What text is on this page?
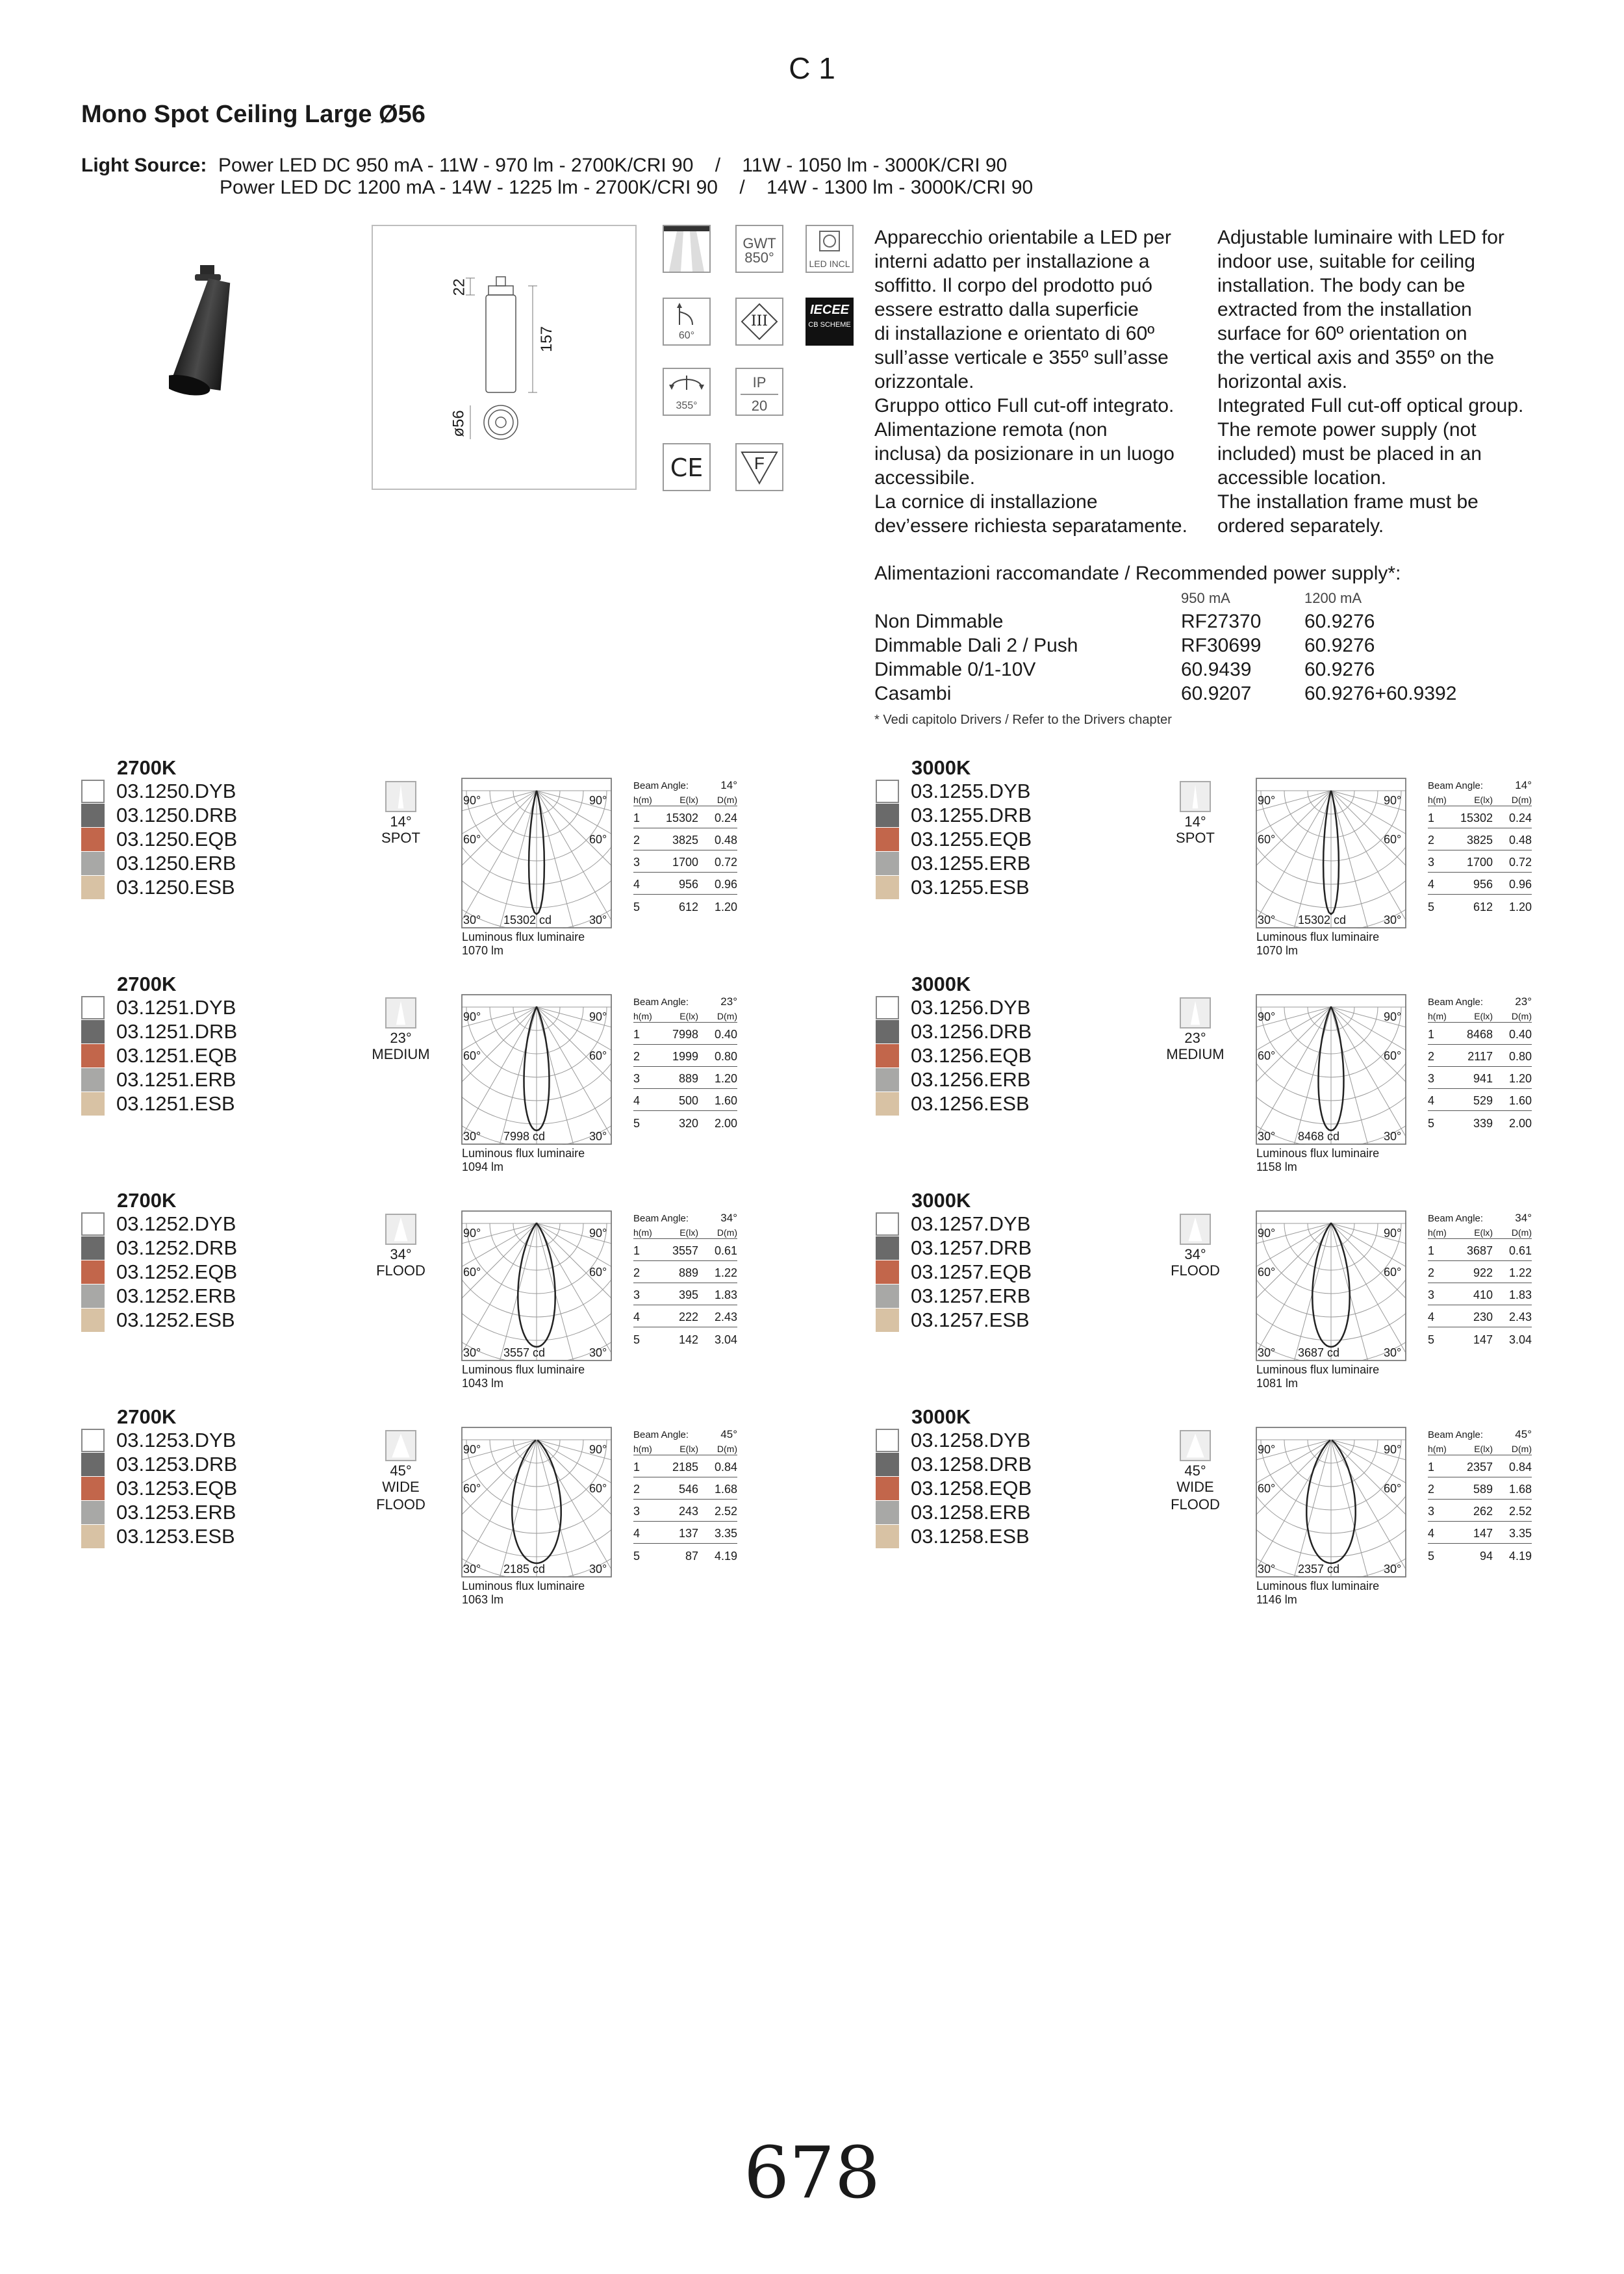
C 1
Mono Spot Ceiling Large Ø56
Light Source: Power LED DC 950 mA - 11W - 970 lm - 2700K/CRI 90    /    11W - 1050 lm - 3000K/CRI 90
Power LED DC 1200 mA - 14W - 1225 lm - 2700K/CRI 90    /    14W - 1300 lm - 3000K/CRI 90
22
157
ø56
GWT
850°	LED INCL
60°
III
IECEE
CB SCHEME
355°
IP
20
CE	F
Apparecchio orientabile a LED per
interni adatto per installazione a
soffitto. Il corpo del prodotto puó
essere estratto dalla superficie
di installazione e orientato di 60º
sull’asse verticale e 355º sull’asse
orizzontale.
Gruppo ottico Full cut-off integrato.
Alimentazione remota (non
inclusa) da posizionare in un luogo
accessibile.
La cornice di installazione
dev’essere richiesta separatamente.
Adjustable luminaire with LED for
indoor use, suitable for ceiling
installation. The body can be
extracted from the installation
surface for 60º orientation on
the vertical axis and 355º on the
horizontal axis.
Integrated Full cut-off optical group.
The remote power supply (not
included) must be placed in an
accessible location.
The installation frame must be
ordered separately.
Alimentazioni raccomandate / Recommended power supply*:
950 mA	1200 mA
Non Dimmable	RF27370	60.9276
Dimmable Dali 2 / Push	RF30699	60.9276
Dimmable 0/1-10V	60.9439	60.9276
Casambi	60.9207	60.9276+60.9392
* Vedi capitolo Drivers / Refer to the Drivers chapter
2700K
03.1250.DYB
03.1250.DRB
03.1250.EQB
03.1250.ERB
03.1250.ESB
14°
SPOT
90°	90°
60°	60°
30°	30°
15302 cd
Luminous flux luminaire
1070 lm
Beam Angle:	14°
h(m)	E(lx)	D(m)
1	15302	0.24
2	3825	0.48
3	1700	0.72
4	956	0.96
5	612	1.20
3000K
03.1255.DYB
03.1255.DRB
03.1255.EQB
03.1255.ERB
03.1255.ESB
14°
SPOT
90°	90°
60°	60°
30°	30°
15302 cd
Luminous flux luminaire
1070 lm
Beam Angle:	14°
h(m)	E(lx)	D(m)
1	15302	0.24
2	3825	0.48
3	1700	0.72
4	956	0.96
5	612	1.20
2700K
03.1251.DYB
03.1251.DRB
03.1251.EQB
03.1251.ERB
03.1251.ESB
23°
MEDIUM
90°	90°
60°	60°
30°	30°
7998 cd
Luminous flux luminaire
1094 lm
Beam Angle:	23°
h(m)	E(lx)	D(m)
1	7998	0.40
2	1999	0.80
3	889	1.20
4	500	1.60
5	320	2.00
3000K
03.1256.DYB
03.1256.DRB
03.1256.EQB
03.1256.ERB
03.1256.ESB
23°
MEDIUM
90°	90°
60°	60°
30°	30°
8468 cd
Luminous flux luminaire
1158 lm
Beam Angle:	23°
h(m)	E(lx)	D(m)
1	8468	0.40
2	2117	0.80
3	941	1.20
4	529	1.60
5	339	2.00
2700K
03.1252.DYB
03.1252.DRB
03.1252.EQB
03.1252.ERB
03.1252.ESB
34°
FLOOD
90°	90°
60°	60°
30°	30°
3557 cd
Luminous flux luminaire
1043 lm
Beam Angle:	34°
h(m)	E(lx)	D(m)
1	3557	0.61
2	889	1.22
3	395	1.83
4	222	2.43
5	142	3.04
3000K
03.1257.DYB
03.1257.DRB
03.1257.EQB
03.1257.ERB
03.1257.ESB
34°
FLOOD
90°	90°
60°	60°
30°	30°
3687 cd
Luminous flux luminaire
1081 lm
Beam Angle:	34°
h(m)	E(lx)	D(m)
1	3687	0.61
2	922	1.22
3	410	1.83
4	230	2.43
5	147	3.04
2700K
03.1253.DYB
03.1253.DRB
03.1253.EQB
03.1253.ERB
03.1253.ESB
45°
WIDE FLOOD
90°	90°
60°	60°
30°	30°
2185 cd
Luminous flux luminaire
1063 lm
Beam Angle:	45°
h(m)	E(lx)	D(m)
1	2185	0.84
2	546	1.68
3	243	2.52
4	137	3.35
5	87	4.19
3000K
03.1258.DYB
03.1258.DRB
03.1258.EQB
03.1258.ERB
03.1258.ESB
45°
WIDE FLOOD
90°	90°
60°	60°
30°	30°
2357 cd
Luminous flux luminaire
1146 lm
Beam Angle:	45°
h(m)	E(lx)	D(m)
1	2357	0.84
2	589	1.68
3	262	2.52
4	147	3.35
5	94	4.19
678
